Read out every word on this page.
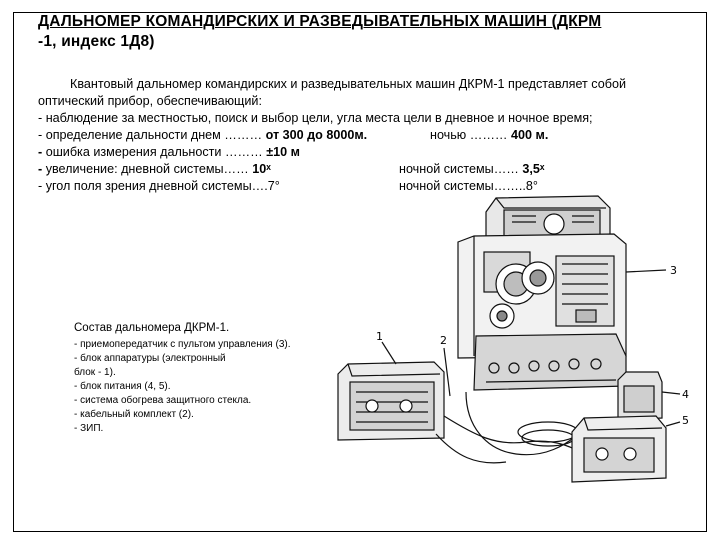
ДАЛЬНОМЕР КОМАНДИРСКИХ И РАЗВЕДЫВАТЕЛЬНЫХ МАШИН (ДКРМ
-1, индекс 1Д8)
Квантовый дальномер командирских и разведывательных машин ДКРМ-1 представляет собой
оптический прибор, обеспечивающий:
- наблюдение за местностью, поиск и выбор цели, угла места цели в дневное и ночное время;
- определение дальности днем ……… от 300 до 8000м.	ночью ……… 400 м.
- ошибка измерения дальности ……… ±10 м
- увеличение: дневной системы…… 10ˣ	ночной системы…… 3,5ˣ
- угол поля зрения дневной системы….7°	ночной системы……..8°
Состав дальномера ДКРМ-1.
- приемопередатчик с пультом управления (3).
- блок аппаратуры (электронный
блок - 1).
- блок питания (4, 5).
- система обогрева защитного стекла.
- кабельный комплект (2).
- ЗИП.
1	2
3
4
5
